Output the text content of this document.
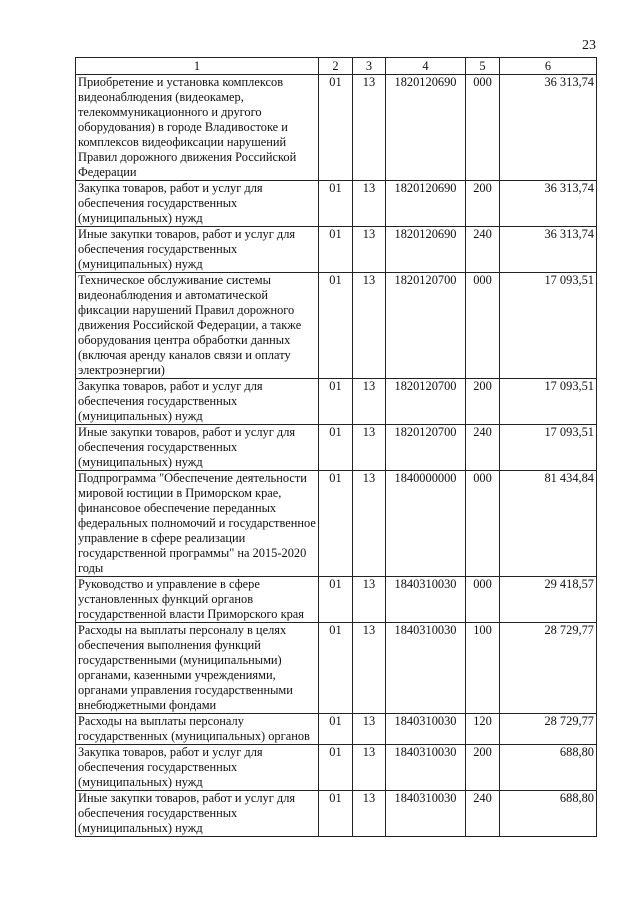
23
1	2	3	4	5	6
Приобретение и установка комплексов видеонаблюдения (видеокамер, телекоммуникационного и другого оборудования) в городе Владивостоке и комплексов видеофиксации нарушений Правил дорожного движения Российской Федерации	01	13	1820120690	000	36 313,74
Закупка товаров, работ и услуг для обеспечения государственных (муниципальных) нужд	01	13	1820120690	200	36 313,74
Иные закупки товаров, работ и услуг для обеспечения государственных (муниципальных) нужд	01	13	1820120690	240	36 313,74
Техническое обслуживание системы видеонаблюдения и автоматической фиксации нарушений Правил дорожного движения Российской Федерации, а также оборудования центра обработки данных (включая аренду каналов связи и оплату электроэнергии)	01	13	1820120700	000	17 093,51
Закупка товаров, работ и услуг для обеспечения государственных (муниципальных) нужд	01	13	1820120700	200	17 093,51
Иные закупки товаров, работ и услуг для обеспечения государственных (муниципальных) нужд	01	13	1820120700	240	17 093,51
Подпрограмма "Обеспечение деятельности мировой юстиции в Приморском крае, финансовое обеспечение переданных федеральных полномочий и государственное управление в сфере реализации государственной программы" на 2015-2020 годы	01	13	1840000000	000	81 434,84
Руководство и управление в сфере установленных функций органов государственной власти Приморского края	01	13	1840310030	000	29 418,57
Расходы на выплаты персоналу в целях обеспечения выполнения функций государственными (муниципальными) органами, казенными учреждениями, органами управления государственными внебюджетными фондами	01	13	1840310030	100	28 729,77
Расходы на выплаты персоналу государственных (муниципальных) органов	01	13	1840310030	120	28 729,77
Закупка товаров, работ и услуг для обеспечения государственных (муниципальных) нужд	01	13	1840310030	200	688,80
Иные закупки товаров, работ и услуг для обеспечения государственных (муниципальных) нужд	01	13	1840310030	240	688,80
